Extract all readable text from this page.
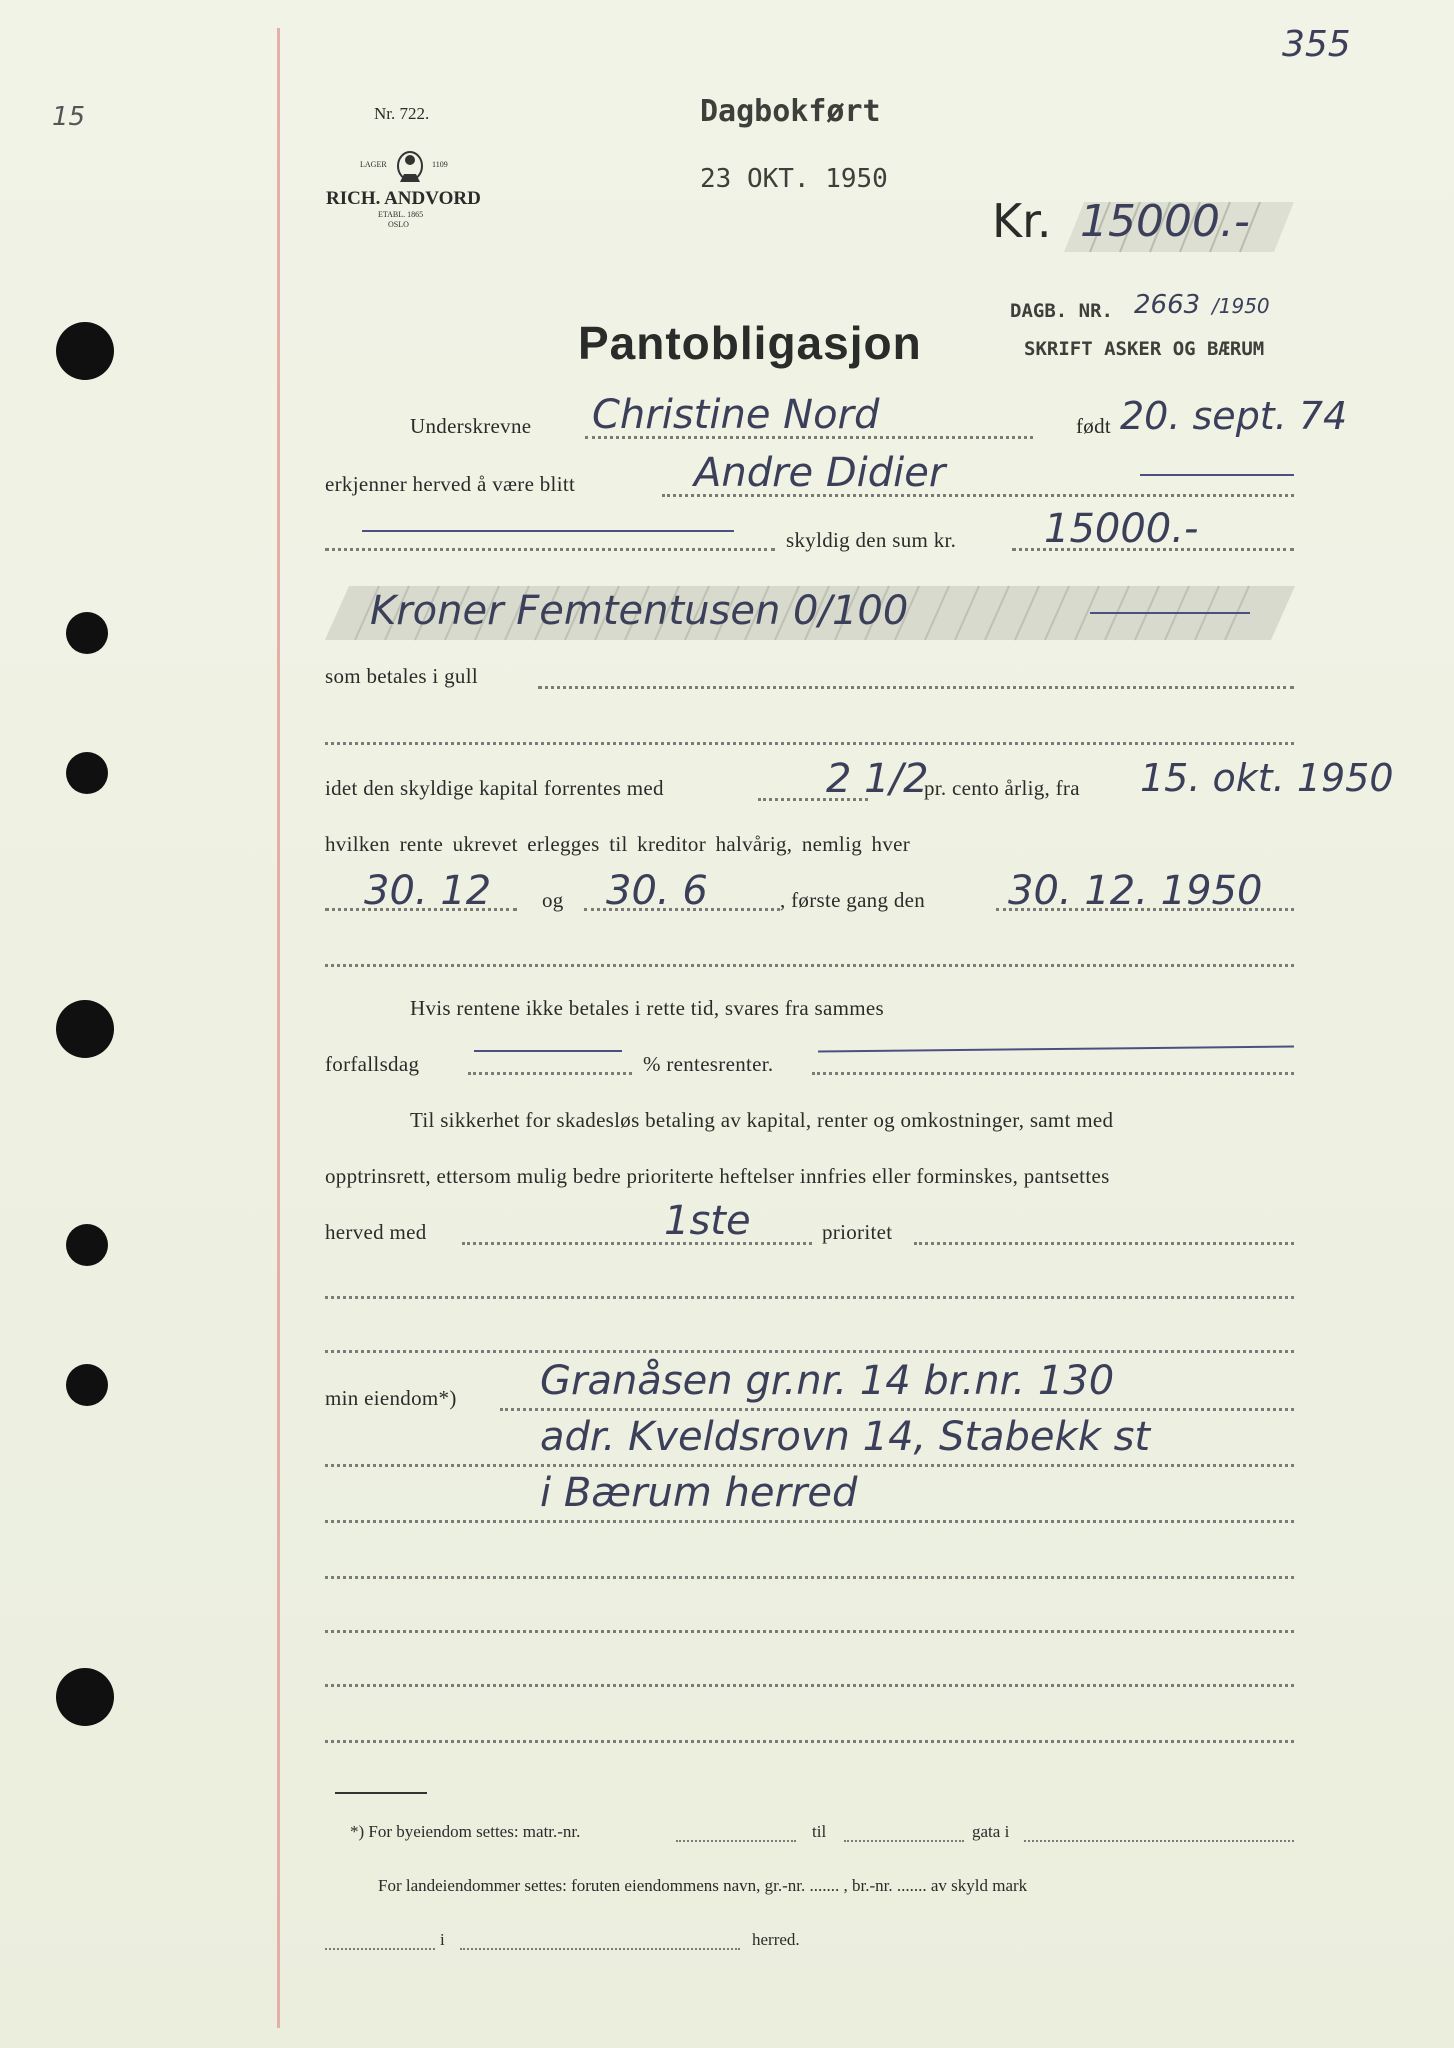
355
15	Nr. 722.
LAGER	1109
RICH. ANDVORD
ETABL. 1865
OSLO
Dagbokført
23 OKT. 1950
Kr. 15000.-
Pantobligasjon
DAGB. NR. 2663 /1950
SKRIFT ASKER OG BÆRUM
Underskrevne Christine Nord	født 20. sept. 74
erkjenner herved å være blitt	Andre Didier
skyldig den sum kr. 15000.-
Kroner Femtentusen 0/100
som betales i gull
idet den skyldige kapital forrentes med	2 1/2
pr. cento årlig, fra 15. okt. 1950
hvilken rente ukrevet erlegges til kreditor halvårig, nemlig hver
30. 12 og 30. 6	, første gang den 30. 12. 1950
Hvis rentene ikke betales i rette tid, svares fra sammes
forfallsdag	% rentesrenter.
Til sikkerhet for skadesløs betaling av kapital, renter og omkostninger, samt med
opptrinsrett, ettersom mulig bedre prioriterte heftelser innfries eller forminskes, pantsettes
herved med	1ste	prioritet
min eiendom*) Granåsen gr.nr. 14 br.nr. 130
adr. Kveldsrovn 14, Stabekk st
i Bærum herred
*) For byeiendom settes: matr.-nr.	til	gata i
For landeiendommer settes: foruten eiendommens navn, gr.-nr. ....... , br.-nr. ....... av skyld mark
i	herred.
